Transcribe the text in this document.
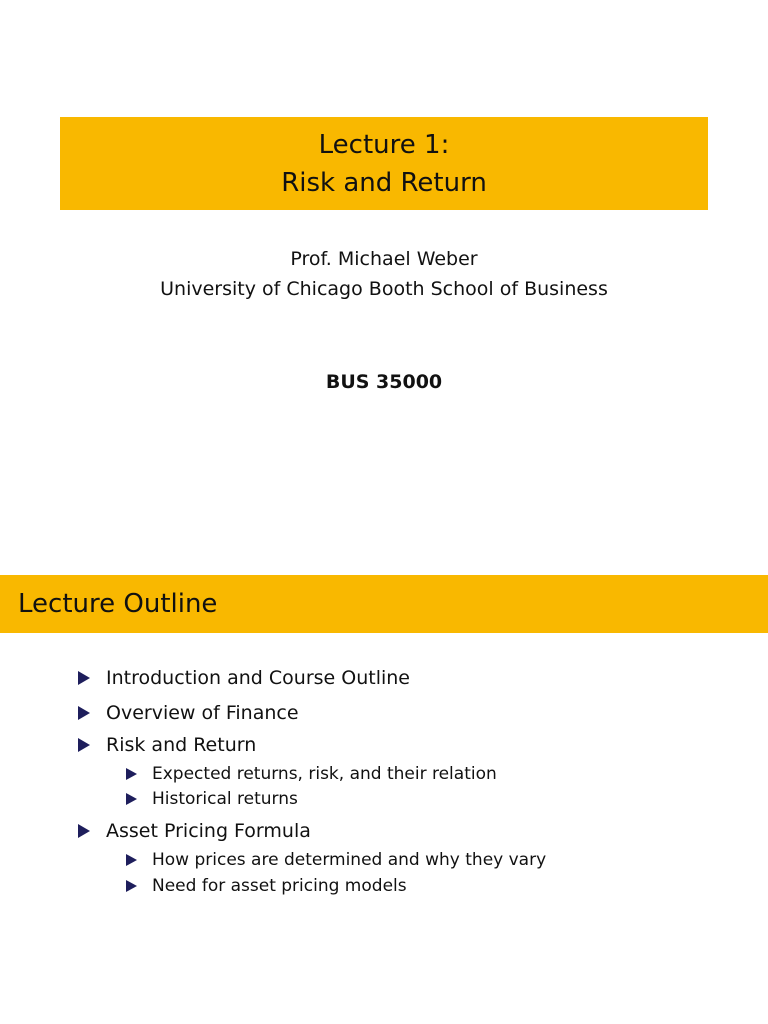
Lecture 1:
Risk and Return
Prof. Michael Weber
University of Chicago Booth School of Business
BUS 35000
Lecture Outline
Introduction and Course Outline
Overview of Finance
Risk and Return
Expected returns, risk, and their relation
Historical returns
Asset Pricing Formula
How prices are determined and why they vary
Need for asset pricing models
